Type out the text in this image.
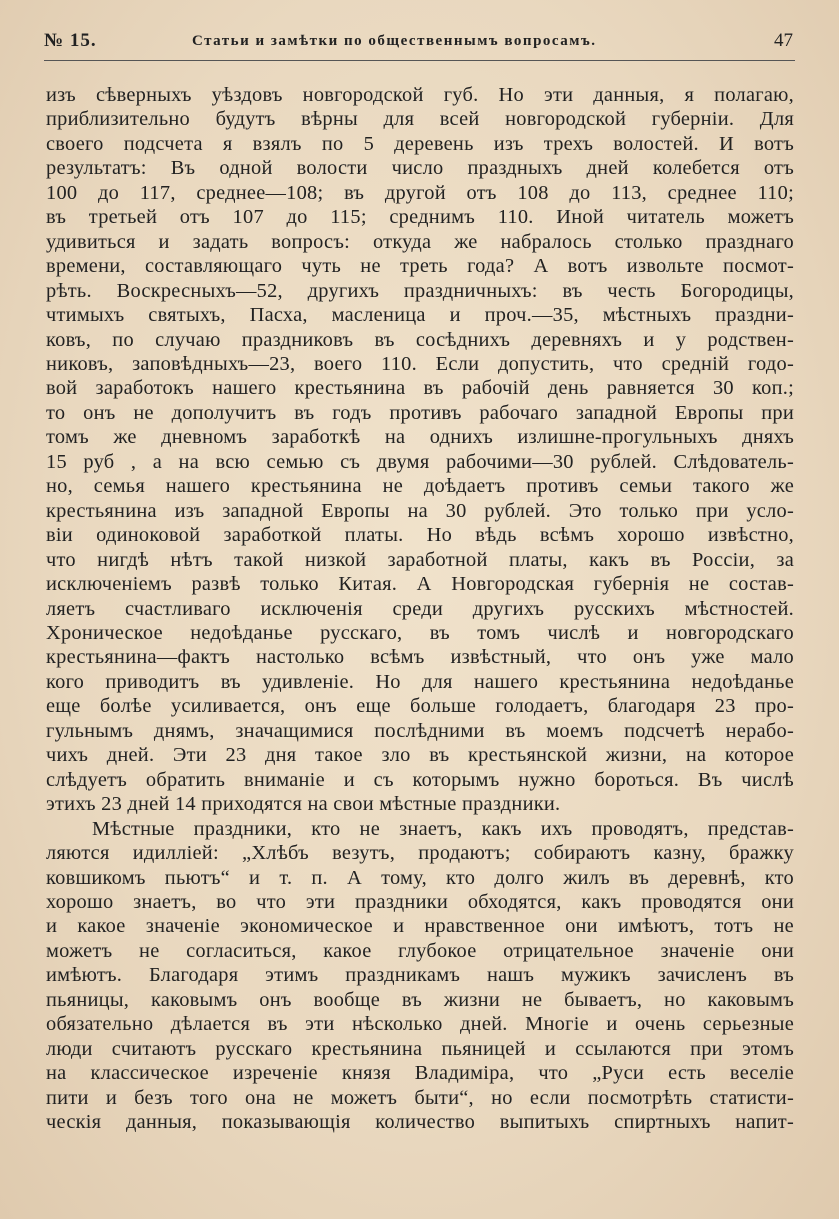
№ 15.	Статьи и замѣтки по общественнымъ вопросамъ.	47
изъ сѣверныхъ уѣздовъ новгородской губ. Но эти данныя, я полагаю,
приблизительно будутъ вѣрны для всей новгородской губерніи. Для
своего подсчета я взялъ по 5 деревень изъ трехъ волостей. И вотъ
результатъ: Въ одной волости число праздныхъ дней колебется отъ
100 до 117, среднее—108; въ другой отъ 108 до 113, среднее 110;
въ третьей отъ 107 до 115; среднимъ 110. Иной читатель можетъ
удивиться и задать вопросъ: откуда же набралось столько празднаго
времени, составляющаго чуть не треть года? А вотъ извольте посмот-
рѣть. Воскресныхъ—52, другихъ праздничныхъ: въ честь Богородицы,
чтимыхъ святыхъ, Пасха, масленица и проч.—35, мѣстныхъ праздни-
ковъ, по случаю праздниковъ въ сосѣднихъ деревняхъ и у родствен-
никовъ, заповѣдныхъ—23, воего 110. Если допустить, что средній годо-
вой заработокъ нашего крестьянина въ рабочій день равняется 30 коп.;
то онъ не дополучитъ въ годъ противъ рабочаго западной Европы при
томъ же дневномъ заработкѣ на однихъ излишне-прогульныхъ дняхъ
15 руб , а на всю семью съ двумя рабочими—30 рублей. Слѣдователь-
но, семья нашего крестьянина не доѣдаетъ противъ семьи такого же
крестьянина изъ западной Европы на 30 рублей. Это только при усло-
віи одиноковой заработкой платы. Но вѣдь всѣмъ хорошо извѣстно,
что нигдѣ нѣтъ такой низкой заработной платы, какъ въ Россіи, за
исключеніемъ развѣ только Китая. А Новгородская губернія не состав-
ляетъ счастливаго исключенія среди другихъ русскихъ мѣстностей.
Хроническое недоѣданье русскаго, въ томъ числѣ и новгородскаго
крестьянина—фактъ настолько всѣмъ извѣстный, что онъ уже мало
кого приводитъ въ удивленіе. Но для нашего крестьянина недоѣданье
еще болѣе усиливается, онъ еще больше голодаетъ, благодаря 23 про-
гульнымъ днямъ, значащимися послѣдними въ моемъ подсчетѣ нерабо-
чихъ дней. Эти 23 дня такое зло въ крестьянской жизни, на которое
слѣдуетъ обратить вниманіе и съ которымъ нужно бороться. Въ числѣ
этихъ 23 дней 14 приходятся на свои мѣстные праздники.
Мѣстные праздники, кто не знаетъ, какъ ихъ проводятъ, представ-
ляются идилліей: „Хлѣбъ везутъ, продаютъ; собираютъ казну, бражку
ковшикомъ пьютъ“ и т. п. А тому, кто долго жилъ въ деревнѣ, кто
хорошо знаетъ, во что эти праздники обходятся, какъ проводятся они
и какое значеніе экономическое и нравственное они имѣютъ, тотъ не
можетъ не согласиться, какое глубокое отрицательное значеніе они
имѣютъ. Благодаря этимъ праздникамъ нашъ мужикъ зачисленъ въ
пьяницы, каковымъ онъ вообще въ жизни не бываетъ, но каковымъ
обязательно дѣлается въ эти нѣсколько дней. Многіе и очень серьезные
люди считаютъ русскаго крестьянина пьяницей и ссылаются при этомъ
на классическое изреченіе князя Владиміра, что „Руси есть веселіе
пити и безъ того она не можетъ быти“, но если посмотрѣть статисти-
ческія данныя, показывающія количество выпитыхъ спиртныхъ напит-
